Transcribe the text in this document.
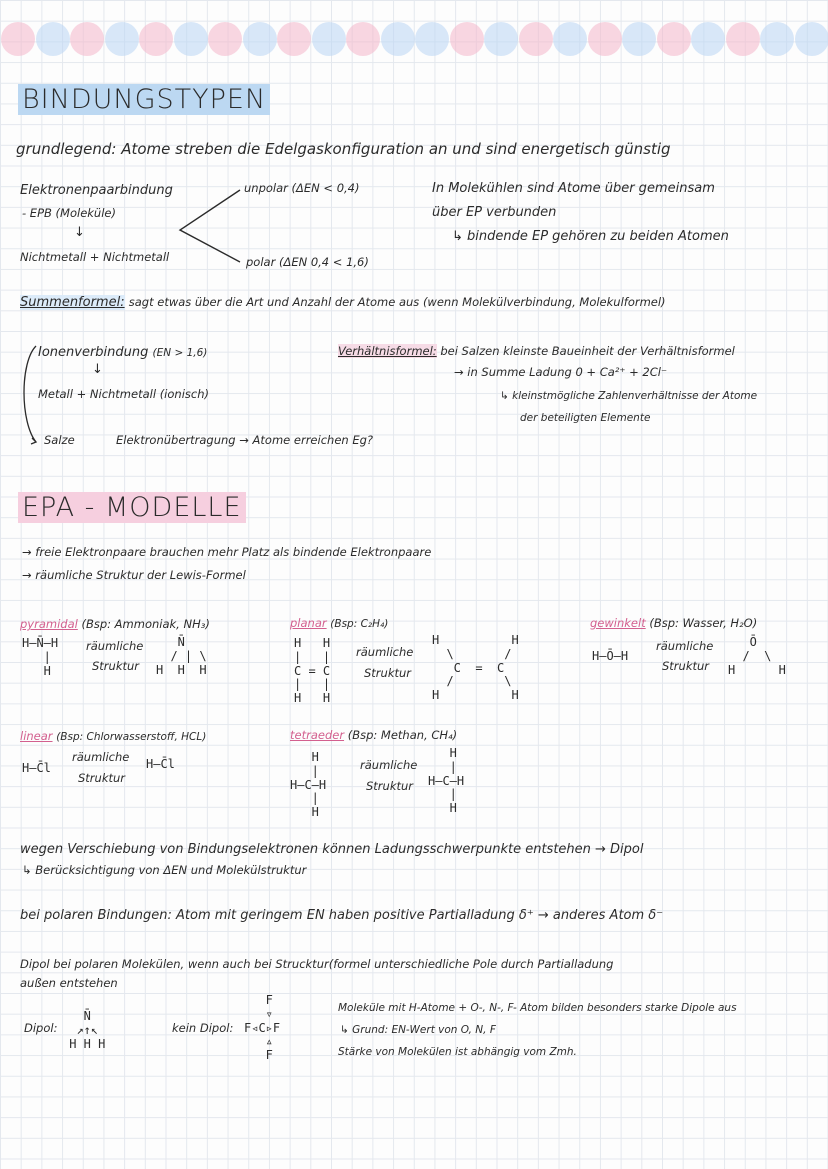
BINDUNGSTYPEN
grundlegend: Atome streben die Edelgaskonfiguration an und sind energetisch günstig
Elektronenpaarbindung
- EPB (Moleküle)
↓
Nichtmetall + Nichtmetall
unpolar (ΔEN < 0,4)
polar (ΔEN 0,4 < 1,6)
In Molekühlen sind Atome über gemeinsam
über EP verbunden
↳ bindende EP gehören zu beiden Atomen
Summenformel: sagt etwas über die Art und Anzahl der Atome aus (wenn Molekülverbindung, Molekulformel)
Ionenverbindung (EN > 1,6)
↓
Metall + Nichtmetall (ionisch)
Salze	Elektronübertragung → Atome erreichen Eg?
Verhältnisformel: bei Salzen kleinste Baueinheit der Verhältnisformel
→ in Summe Ladung 0 + Ca²⁺ + 2Cl⁻
↳ kleinstmögliche Zahlenverhältnisse der Atome
der beteiligten Elemente
EPA - MODELLE
→ freie Elektronpaare brauchen mehr Platz als bindende Elektronpaare
→ räumliche Struktur der Lewis-Formel
pyramidal (Bsp: Ammoniak, NH₃)
H—N̄—H
|
H
räumliche
Struktur
N̄
/ | \
H  H  H
planar (Bsp: C₂H₄)
H   H
|   |
C = C
|   |
H   H
räumliche
Struktur
H          H
\       /
C  =  C
/       \
H          H
gewinkelt (Bsp: Wasser, H₂O)
H—Ō—H
räumliche
Struktur
Ō
/  \
H      H
linear (Bsp: Chlorwasserstoff, HCL)
H—C̄l
räumliche
Struktur
H—C̄l
tetraeder (Bsp: Methan, CH₄)
H
|
H—C—H
|
H
räumliche
Struktur
H
|
H—C—H
|
H
wegen Verschiebung von Bindungselektronen können Ladungsschwerpunkte entstehen → Dipol
↳ Berücksichtigung von ΔEN und Molekülstruktur
bei polaren Bindungen: Atom mit geringem EN haben positive Partialladung δ⁺ → anderes Atom δ⁻
Dipol bei polaren Molekülen, wenn auch bei Strucktur(formel unterschiedliche Pole durch Partialladung
außen entstehen
Dipol:
N̄
↗↑↖
H H H
kein Dipol:
F
▿
F◃C▹F
▵
F
Moleküle mit H-Atome + O-, N-, F- Atom bilden besonders starke Dipole aus
↳ Grund: EN-Wert von O, N, F
Stärke von Molekülen ist abhängig vom Zmh.
